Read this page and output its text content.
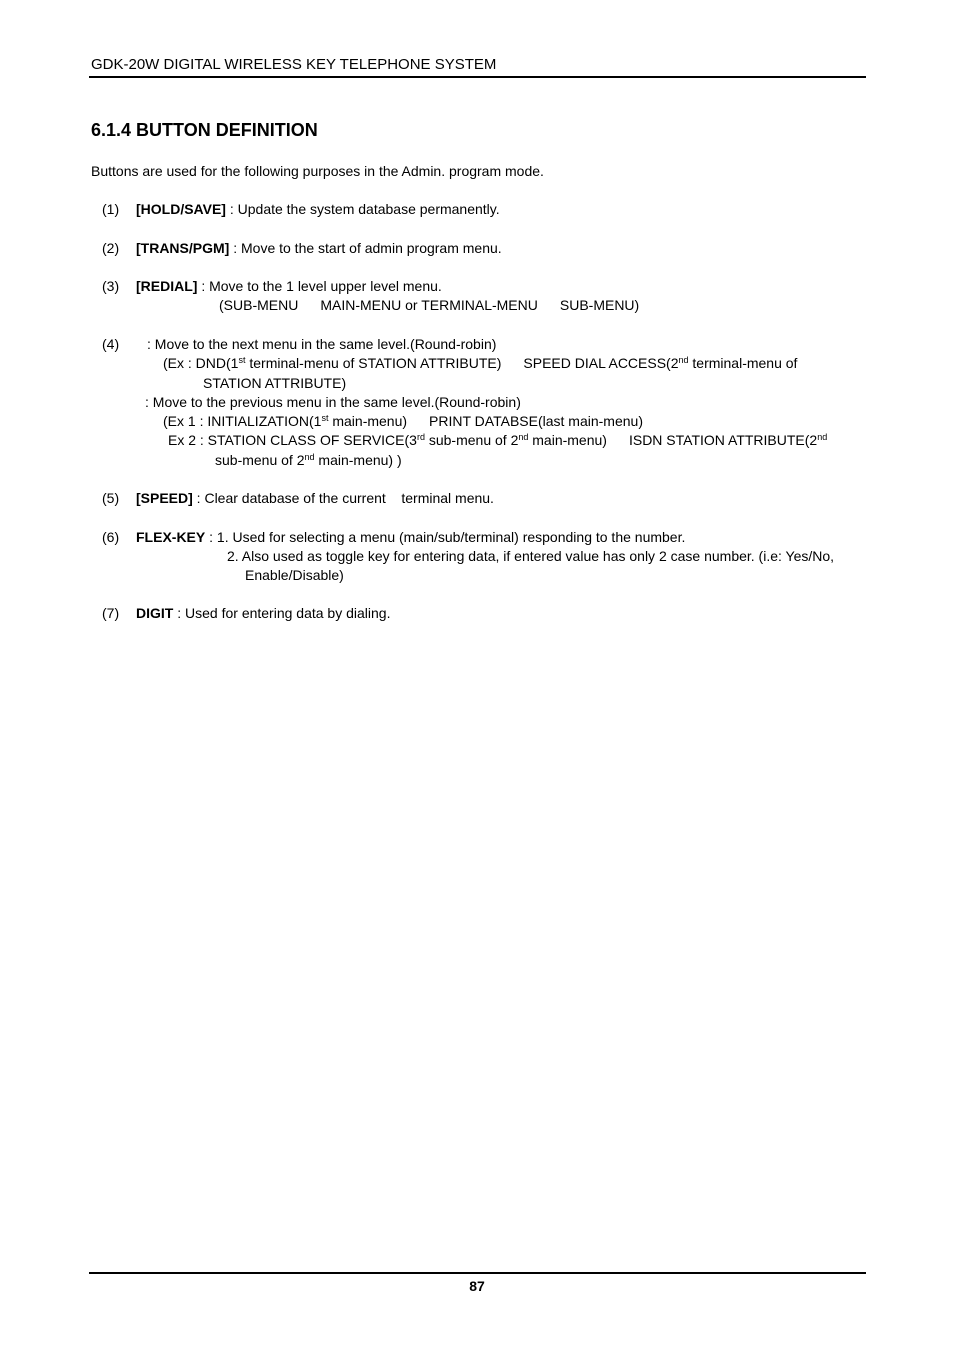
GDK-20W DIGITAL WIRELESS KEY TELEPHONE SYSTEM
6.1.4 BUTTON DEFINITION
Buttons are used for the following purposes in the Admin. program mode.
(1) [HOLD/SAVE] : Update the system database permanently.
(2) [TRANS/PGM] : Move to the start of admin program menu.
(3) [REDIAL] : Move to the 1 level upper level menu.
(SUB-MENU MAIN-MENU or TERMINAL-MENU SUB-MENU)
(4) : Move to the next menu in the same level.(Round-robin)
(Ex : DND(1st terminal-menu of STATION ATTRIBUTE) SPEED DIAL ACCESS(2nd terminal-menu of
STATION ATTRIBUTE)
: Move to the previous menu in the same level.(Round-robin)
(Ex 1 : INITIALIZATION(1st main-menu) PRINT DATABSE(last main-menu)
Ex 2 : STATION CLASS OF SERVICE(3rd sub-menu of 2nd main-menu) ISDN STATION ATTRIBUTE(2nd
sub-menu of 2nd main-menu) )
(5) [SPEED] : Clear database of the current    terminal menu.
(6) FLEX-KEY : 1. Used for selecting a menu (main/sub/terminal) responding to the number.
2. Also used as toggle key for entering data, if entered value has only 2 case number. (i.e: Yes/No,
Enable/Disable)
(7) DIGIT : Used for entering data by dialing.
87
